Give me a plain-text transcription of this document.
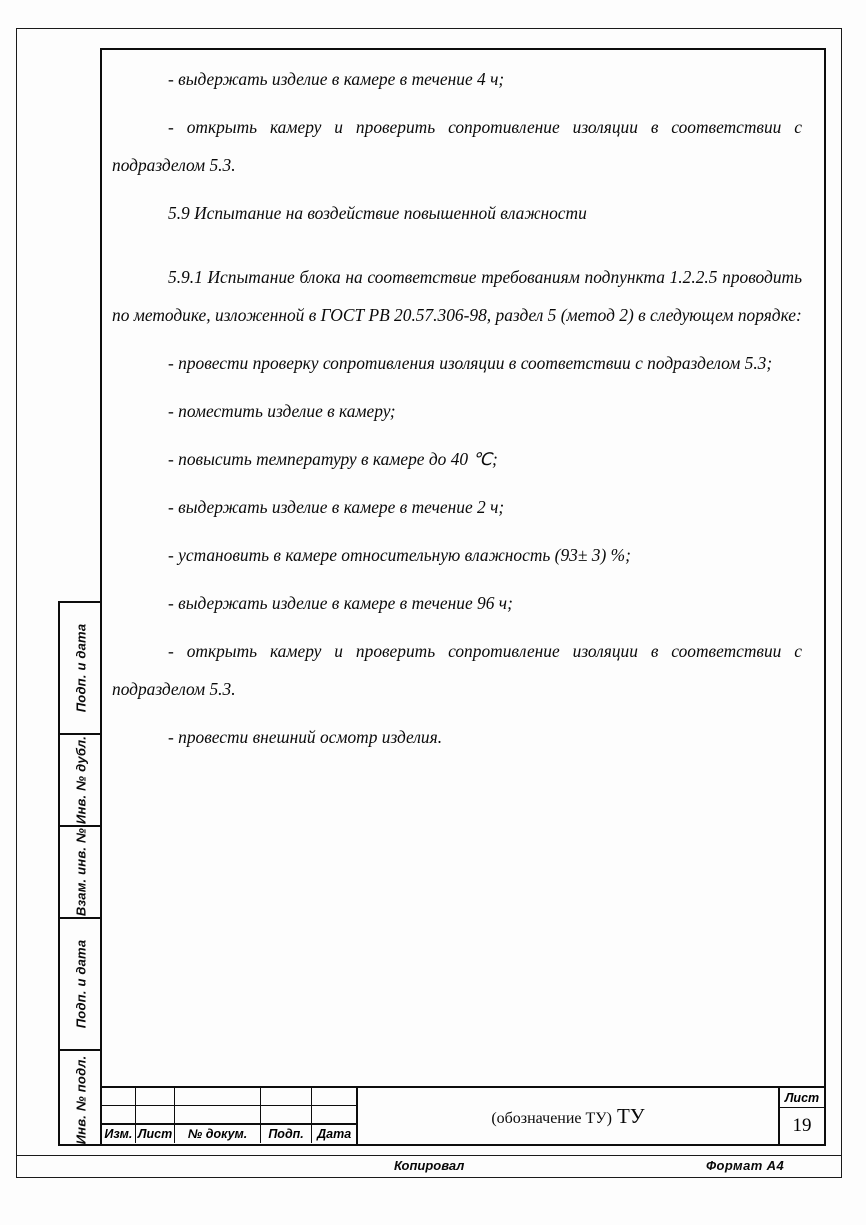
- выдержать изделие в камере в течение 4 ч;

- открыть камеру и проверить сопротивление изоляции в соответствии с подразделом 5.3.

5.9 Испытание на воздействие повышенной влажности

5.9.1 Испытание блока на соответствие требованиям подпункта 1.2.2.5 проводить по методике, изложенной в ГОСТ РВ 20.57.306-98, раздел 5 (метод 2) в следующем порядке:

- провести проверку сопротивления изоляции в соответствии с подразделом 5.3;

- поместить изделие в камеру;

- повысить температуру в камере до 40 ℃;

- выдержать изделие в камере в течение 2 ч;

- установить в камере относительную влажность (93± 3) %;

- выдержать изделие в камере в течение 96 ч;

- открыть камеру и проверить сопротивление изоляции в соответствии с подразделом 5.3.

- провести внешний осмотр изделия.

Подп. и дата
Инв. № дубл.
Взам. инв. №
Подп. и дата
Инв. № подл. Изм. Лист	№ докум.	Подп.	Дата
(обозначение ТУ) ТУ
Лист
19
Копировал	Формат А4
